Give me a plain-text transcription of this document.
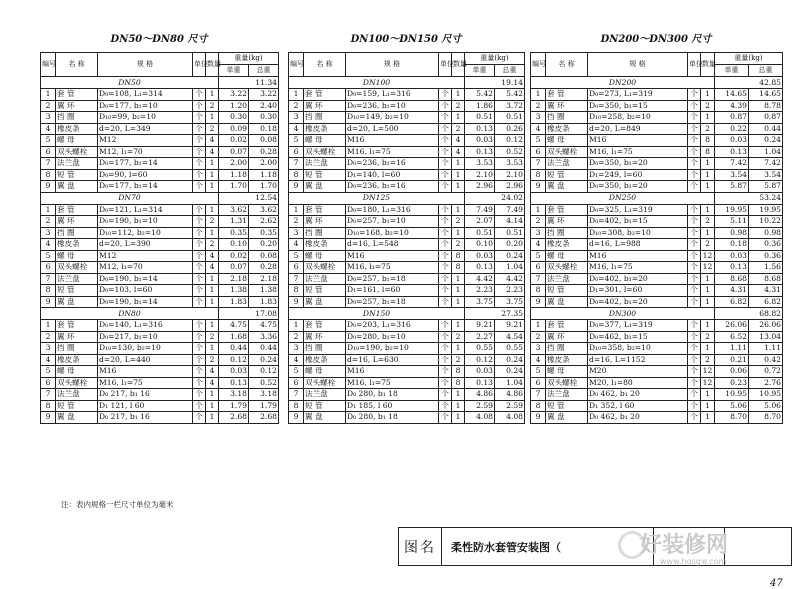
DN50～DN80 尺寸
编号	名 称	规 格	单位	数量	重量(kg)	
					单重	总重
DN50					11.34	
1	套 管	D₀=108, L₁=314	个	1	3.22	3.22
2	翼 环	D₀=177, b₁=10	个	2	1.20	2.40
3	挡 圈	D₁₀=99, b₂=10	个	1	0.30	0.30
4	橡皮条	d=20, L=349	个	2	0.09	0.18
5	螺 母	M12	个	4	0.02	0.08
6	双头螺栓	M12, l₁=70	个	4	0.07	0.28
7	法兰盘	D₀=177, b₁=14	个	1	2.00	2.00
8	短 管	D₀=90, l=60	个	1	1.18	1.18
9	翼 盘	D₀=177, b₁=14	个	1	1.70	1.70
DN70					12.54	
1	套 管	D₀=121, L₁=314	个	1	3.62	3.62
2	翼 环	D₀=190, b₁=10	个	2	1.31	2.62
3	挡 圈	D₁₀=112, b₂=10	个	1	0.35	0.35
4	橡皮条	d=20, L=390	个	2	0.10	0.20
5	螺 母	M12	个	4	0.02	0.08
6	双头螺栓	M12, l₁=70	个	4	0.07	0.28
7	法兰盘	D₀=190, b₁=14	个	1	2.18	2.18
8	短 管	D₀=103, l=60	个	1	1.38	1.38
9	翼 盘	D₀=190, b₁=14	个	1	1.83	1.83
DN80					17.08	
1	套 管	D₀=140, L₁=316	个	1	4.75	4.75
2	翼 环	D₀=217, b₁=10	个	2	1.68	3.36
3	挡 圈	D₁₀=130, b₂=10	个	1	0.44	0.44
4	橡皮条	d=20, L=440	个	2	0.12	0.24
5	螺 母	M16	个	4	0.03	0.12
6	双头螺栓	M16, l₁=75	个	4	0.13	0.52
7	法兰盘	D₀ 217, b₁ 16	个	1	3.18	3.18
8	短 管	D₁ 121, l 60	个	1	1.79	1.79
9	翼 盘	D₀ 217, b₁ 16	个	1	2.68	2.68
DN100～DN150 尺寸
编号	名 称	规 格	单位	数量	重量(kg)	
					单重	总重
DN100					19.14	
1	套 管	D₀=159, L₁=316	个	1	5.42	5.42
2	翼 环	D₀=236, b₁=10	个	2	1.86	3.72
3	挡 圈	D₁₀=149, b₂=10	个	1	0.51	0.51
4	橡皮条	d=20, L=500	个	2	0.13	0.26
5	螺 母	M16	个	4	0.03	0.12
6	双头螺栓	M16, l₁=75	个	4	0.13	0.52
7	法兰盘	D₀=236, b₁=16	个	1	3.53	3.53
8	短 管	D₁=140, l=60	个	1	2.10	2.10
9	翼 盘	D₀=236, b₁=16	个	1	2.96	2.96
DN125					24.02	
1	套 管	D₀=180, L₁=316	个	1	7.49	7.49
2	翼 环	D₀=257, b₁=10	个	2	2.07	4.14
3	挡 圈	D₁₀=168, b₂=10	个	1	0.51	0.51
4	橡皮条	d=16, L=548	个	2	0.10	0.20
5	螺 母	M16	个	8	0.03	0.24
6	双头螺栓	M16, l₁=75	个	8	0.13	1.04
7	法兰盘	D₀=257, b₁=18	个	1	4.42	4.42
8	短 管	D₁=161, l=60	个	1	2.23	2.23
9	翼 盘	D₀=257, b₁=18	个	1	3.75	3.75
DN150					27.35	
1	套 管	D₀=203, L₁=316	个	1	9.21	9.21
2	翼 环	D₀=280, b₁=10	个	2	2.27	4.54
3	挡 圈	D₁₀=190, b₂=10	个	1	0.55	0.55
4	橡皮条	d=16, L=630	个	2	0.12	0.24
5	螺 母	M16	个	8	0.03	0.24
6	双头螺栓	M16, l₁=75	个	8	0.13	1.04
7	法兰盘	D₀ 280, b₁ 18	个	1	4.86	4.86
8	短 管	D₁ 185, l 60	个	1	2.59	2.59
9	翼 盘	D₀ 280, b₁ 18	个	1	4.08	4.08
DN200～DN300 尺寸
编号	名 称	规 格	单位	数量	重量(kg)	
					单重	总重
DN200					42.85	
1	套 管	D₀=273, L₁=319	个	1	14.65	14.65
2	翼 环	D₀=350, b₁=15	个	2	4.39	8.78
3	挡 圈	D₁₀=258, b₂=10	个	1	0.87	0.87
4	橡皮条	d=20, L=849	个	2	0.22	0.44
5	螺 母	M16	个	8	0.03	0.24
6	双头螺栓	M16, l₁=75	个	8	0.13	1.04
7	法兰盘	D₀=350, b₁=20	个	1	7.42	7.42
8	短 管	D₁=249, l=60	个	1	3.54	3.54
9	翼 盘	D₀=350, b₁=20	个	1	5.87	5.87
DN250					53.24	
1	套 管	D₀=325, L₁=319	个	1	19.95	19.95
2	翼 环	D₀=402, b₁=15	个	2	5.11	10.22
3	挡 圈	D₁₀=308, b₂=10	个	1	0.98	0.98
4	橡皮条	d=16, L=988	个	2	0.18	0.36
5	螺 母	M16	个	12	0.03	0.36
6	双头螺栓	M16, l₁=75	个	12	0.13	1.56
7	法兰盘	D₀=402, b₁=20	个	1	8.68	8.68
8	短 管	D₁=301, l=60	个	1	4.31	4.31
9	翼 盘	D₀=402, b₁=20	个	1	6.82	6.82
DN300					68.82	
1	套 管	D₀=377, L₁=319	个	1	26.06	26.06
2	翼 环	D₀=462, b₁=15	个	2	6.52	13.04
3	挡 圈	D₁₀=358, b₂=10	个	1	1.11	1.11
4	橡皮条	d=16, L=1152	个	2	0.21	0.42
5	螺 母	M20	个	12	0.06	0.72
6	双头螺栓	M20, l₁=80	个	12	0.23	2.76
7	法兰盘	D₀ 462, b₁ 20	个	1	10.95	10.95
8	短 管	D₁ 352, l 60	个	1	5.06	5.06
9	翼 盘	D₀ 462, b₁ 20	个	1	8.70	8.70
注：表内规格一栏尺寸单位为毫米
图名	柔性防水套管安装图（	好装修网
www.hqsgw.com
47
